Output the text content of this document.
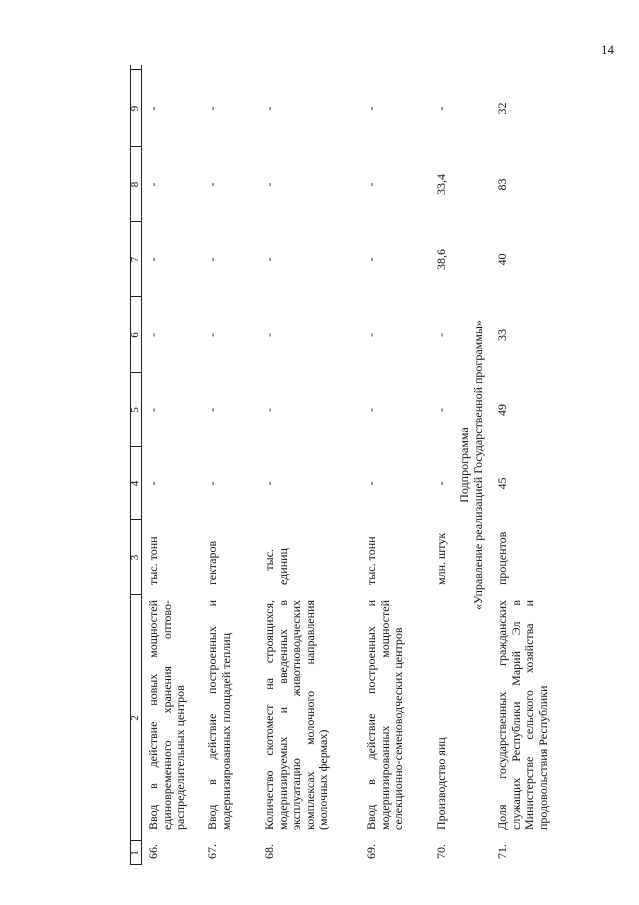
14
1
2
3
4
5
6
7
8
9
66.
Ввод в действие новых мощностей единовременного хранения оптово-распределительных центров
тыс. тонн
-
-
-
-
-
-
67.
Ввод в действие построенных и модернизированных площадей теплиц
гектаров
-
-
-
-
-
-
68.
Количество скотомест на строящихся, модернизируемых и введенных в эксплуатацию животноводческих комплексах молочного направления (молочных фермах)
тыс. единиц
-
-
-
-
-
-
69.
Ввод в действие построенных и модернизированных мощностей селекционно-семеноводческих центров
тыс. тонн
-
-
-
-
-
-
70.
Производство яиц
млн. штук
-
-
-
38,6
33,4
-
Подпрограмма «Управление реализацией Государственной программы»
71.
Доля государственных гражданских служащих Республики Марий Эл в Министерстве сельского хозяйства и продовольствия Республики
процентов
45
49
33
40
83
32
